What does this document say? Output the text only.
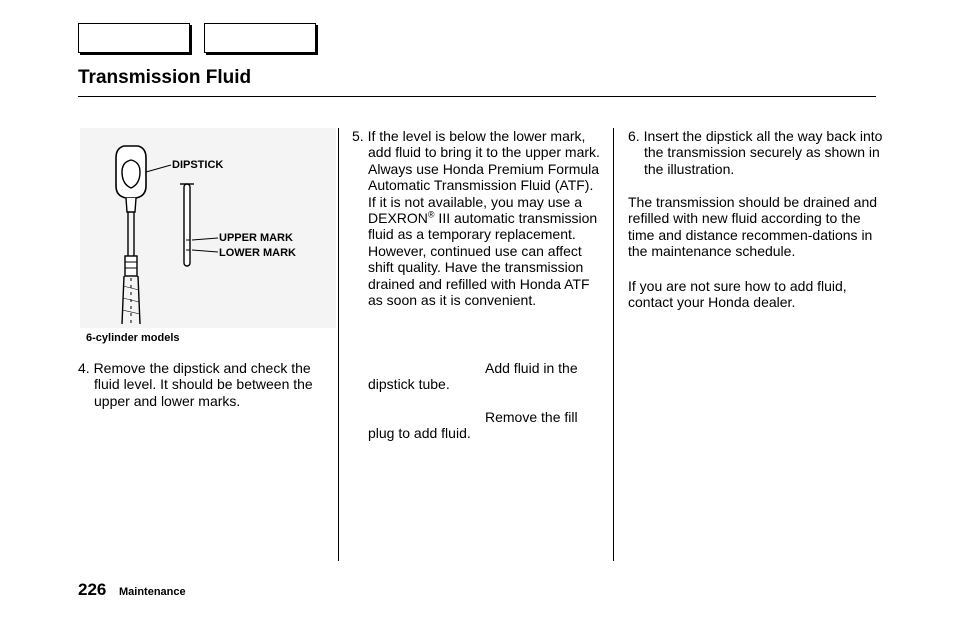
Transmission Fluid
DIPSTICK
UPPER MARK
LOWER MARK
6-cylinder models

4. Remove the dipstick and check the fluid level. It should be between the upper and lower marks.

5. If the level is below the lower mark, add fluid to bring it to the upper mark. Always use Honda Premium Formula Automatic Transmission Fluid (ATF). If it is not available, you may use a DEXRON® III automatic transmission fluid as a temporary replacement. However, continued use can affect shift quality. Have the transmission drained and refilled with Honda ATF as soon as it is convenient.

Add fluid in the dipstick tube.

Remove the fill plug to add fluid.

6. Insert the dipstick all the way back into the transmission securely as shown in the illustration.

The transmission should be drained and refilled with new fluid according to the time and distance recommen-dations in the maintenance schedule.

If you are not sure how to add fluid, contact your Honda dealer.

226 Maintenance
